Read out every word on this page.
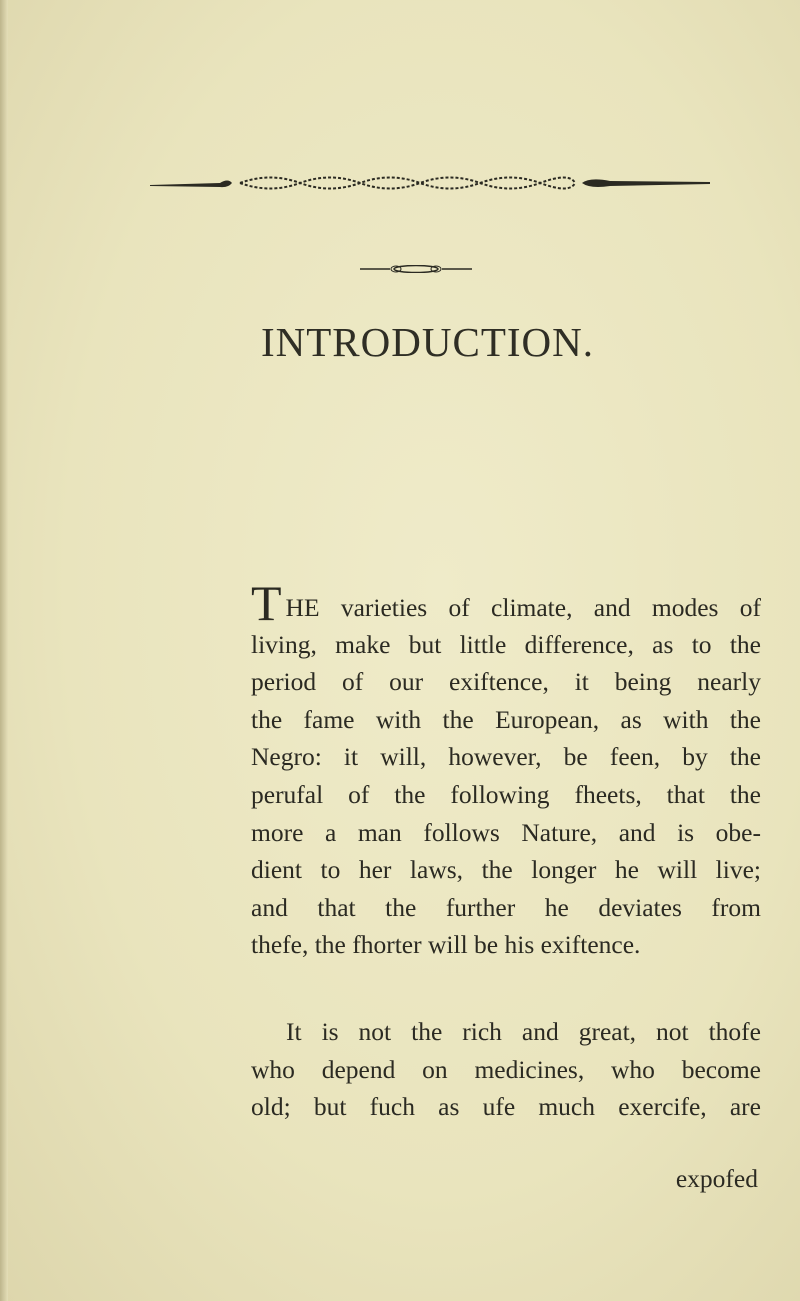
INTRODUCTION.
THE varieties of climate, and modes of
living, make but little difference, as to the
period of our exiftence, it being nearly
the fame with the European, as with the
Negro: it will, however, be feen, by the
perufal of the following fheets, that the
more a man follows Nature, and is obe-
dient to her laws, the longer he will live;
and that the further he deviates from
thefe, the fhorter will be his exiftence.
It is not the rich and great, not thofe
who depend on medicines, who become
old; but fuch as ufe much exercife, are
expofed
